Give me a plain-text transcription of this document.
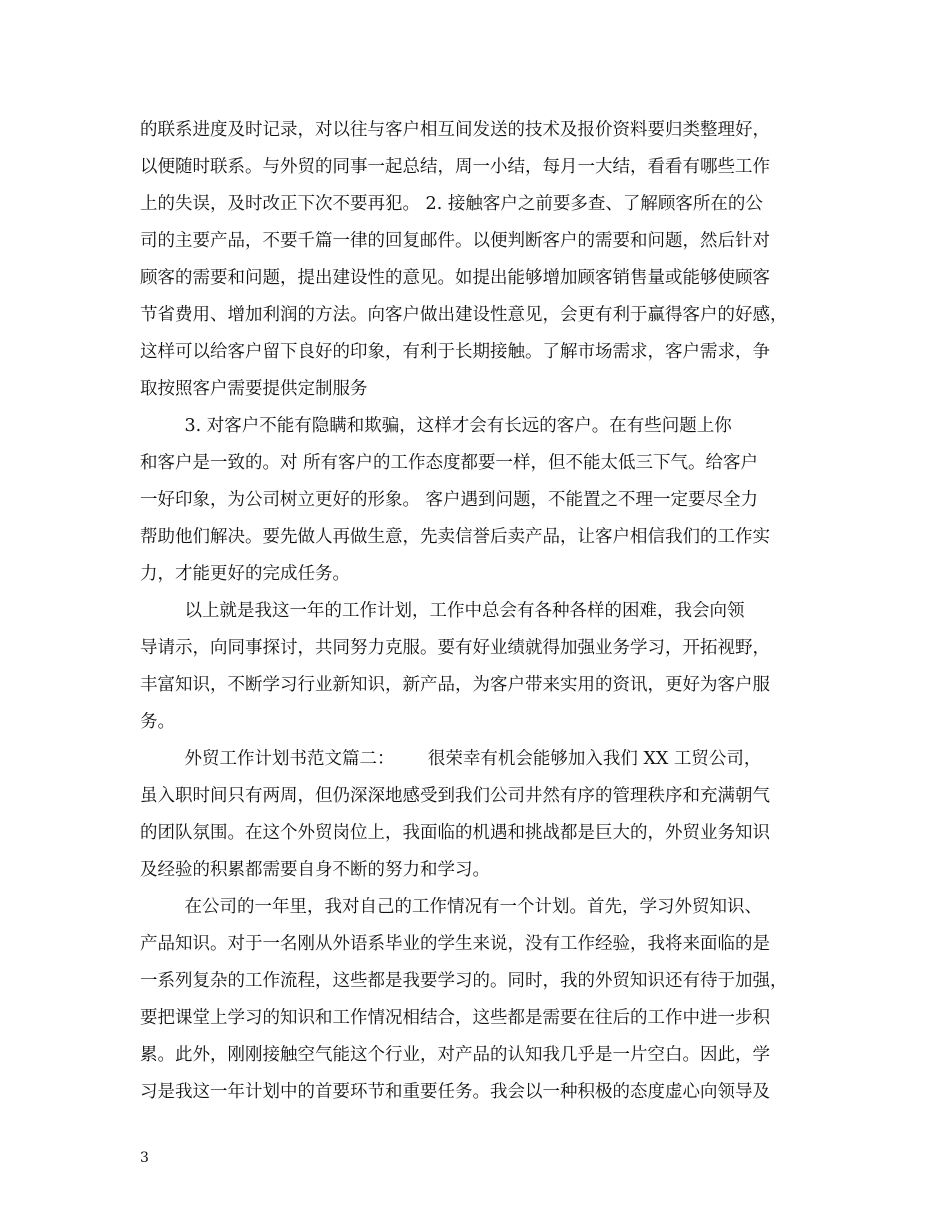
的联系进度及时记录，对以往与客户相互间发送的技术及报价资料要归类整理好，
以便随时联系。与外贸的同事一起总结，周一小结，每月一大结，看看有哪些工作
上的失误，及时改正下次不要再犯。 2. 接触客户之前要多查、了解顾客所在的公
司的主要产品，不要千篇一律的回复邮件。以便判断客户的需要和问题，然后针对
顾客的需要和问题，提出建设性的意见。如提出能够增加顾客销售量或能够使顾客
节省费用、增加利润的方法。向客户做出建设性意见，会更有利于赢得客户的好感，
这样可以给客户留下良好的印象，有利于长期接触。了解市场需求，客户需求，争
取按照客户需要提供定制服务
3. 对客户不能有隐瞒和欺骗，这样才会有长远的客户。在有些问题上你
和客户是一致的。对 所有客户的工作态度都要一样，但不能太低三下气。给客户
一好印象，为公司树立更好的形象。 客户遇到问题，不能置之不理一定要尽全力
帮助他们解决。要先做人再做生意，先卖信誉后卖产品，让客户相信我们的工作实
力，才能更好的完成任务。
以上就是我这一年的工作计划，工作中总会有各种各样的困难，我会向领
导请示，向同事探讨，共同努力克服。要有好业绩就得加强业务学习，开拓视野，
丰富知识，不断学习行业新知识，新产品，为客户带来实用的资讯，更好为客户服
务。
外贸工作计划书范文篇二：      很荣幸有机会能够加入我们 XX 工贸公司，
虽入职时间只有两周，但仍深深地感受到我们公司井然有序的管理秩序和充满朝气
的团队氛围。在这个外贸岗位上，我面临的机遇和挑战都是巨大的，外贸业务知识
及经验的积累都需要自身不断的努力和学习。
在公司的一年里，我对自己的工作情况有一个计划。首先，学习外贸知识、
产品知识。对于一名刚从外语系毕业的学生来说，没有工作经验，我将来面临的是
一系列复杂的工作流程，这些都是我要学习的。同时，我的外贸知识还有待于加强，
要把课堂上学习的知识和工作情况相结合，这些都是需要在往后的工作中进一步积
累。此外，刚刚接触空气能这个行业，对产品的认知我几乎是一片空白。因此，学
习是我这一年计划中的首要环节和重要任务。我会以一种积极的态度虚心向领导及
3
